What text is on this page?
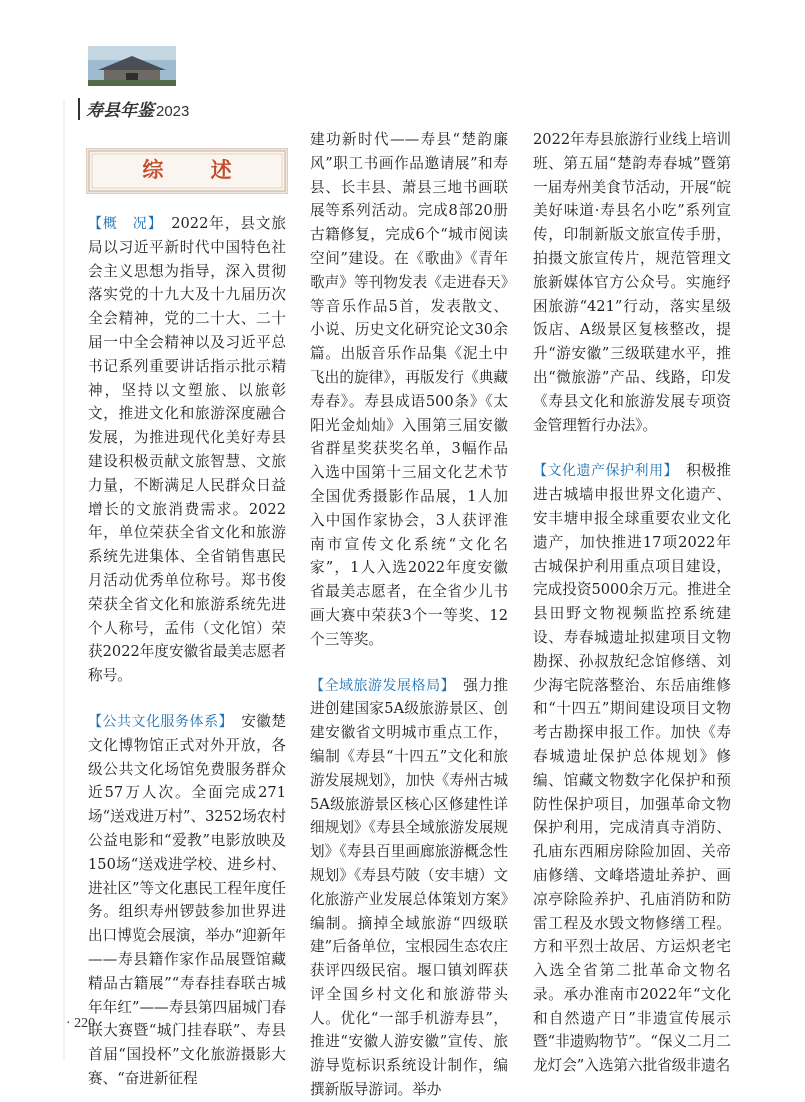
寿县年鉴 2023
综 述

【概　况】　2022年，县文旅局以习近平新时代中国特色社会主义思想为指导，深入贯彻落实党的十九大及十九届历次全会精神，党的二十大、二十届一中全会精神以及习近平总书记系列重要讲话指示批示精神，坚持以文塑旅、以旅彰文，推进文化和旅游深度融合发展，为推进现代化美好寿县建设积极贡献文旅智慧、文旅力量，不断满足人民群众日益增长的文旅消费需求。2022年，单位荣获全省文化和旅游系统先进集体、全省销售惠民月活动优秀单位称号。郑书俊荣获全省文化和旅游系统先进个人称号，孟伟（文化馆）荣获2022年度安徽省最美志愿者称号。

【公共文化服务体系】　安徽楚文化博物馆正式对外开放，各级公共文化场馆免费服务群众近57万人次。全面完成271场“送戏进万村”、3252场农村公益电影和“爱教”电影放映及150场“送戏进学校、进乡村、进社区”等文化惠民工程年度任务。组织寿州锣鼓参加世界进出口博览会展演，举办“迎新年——寿县籍作家作品展暨馆藏精品古籍展”“寿春挂春联古城年年红”——寿县第四届城门春联大赛暨“城门挂春联”、寿县首届“国投杯”文化旅游摄影大赛、“奋进新征程

建功新时代——寿县“楚韵廉风”职工书画作品邀请展”和寿县、长丰县、萧县三地书画联展等系列活动。完成8部20册古籍修复，完成6个“城市阅读空间”建设。在《歌曲》《青年歌声》等刊物发表《走进春天》等音乐作品5首，发表散文、小说、历史文化研究论文30余篇。出版音乐作品集《泥土中飞出的旋律》，再版发行《典藏寿春》。寿县成语500条》《太阳光金灿灿》入围第三届安徽省群星奖获奖名单，3幅作品入选中国第十三届文化艺术节全国优秀摄影作品展，1人加入中国作家协会，3人获评淮南市宣传文化系统“文化名家”，1人入选2022年度安徽省最美志愿者，在全省少儿书画大赛中荣获3个一等奖、12个三等奖。

【全域旅游发展格局】　强力推进创建国家5A级旅游景区、创建安徽省文明城市重点工作，编制《寿县“十四五”文化和旅游发展规划》，加快《寿州古城5A级旅游景区核心区修建性详细规划》《寿县全域旅游发展规划》《寿县百里画廊旅游概念性规划》《寿县芍陂（安丰塘）文化旅游产业发展总体策划方案》编制。摘掉全域旅游“四级联建”后备单位，宝根园生态农庄获评四级民宿。堰口镇刘晖获评全国乡村文化和旅游带头人。优化“一部手机游寿县”，推进“安徽人游安徽”宣传、旅游导览标识系统设计制作，编撰新版导游词。举办

2022年寿县旅游行业线上培训班、第五届“楚韵寿春城”暨第一届寿州美食节活动，开展“皖美好味道·寿县名小吃”系列宣传，印制新版文旅宣传手册，拍摄文旅宣传片，规范管理文旅新媒体官方公众号。实施纾困旅游“421”行动，落实星级饭店、A级景区复核整改，提升“游安徽”三级联建水平，推出“微旅游”产品、线路，印发《寿县文化和旅游发展专项资金管理暂行办法》。

【文化遗产保护利用】　积极推进古城墙申报世界文化遗产、安丰塘申报全球重要农业文化遗产，加快推进17项2022年古城保护利用重点项目建设，完成投资5000余万元。推进全县田野文物视频监控系统建设、寿春城遗址拟建项目文物勘探、孙叔敖纪念馆修缮、刘少海宅院落整治、东岳庙维修和“十四五”期间建设项目文物考古勘探申报工作。加快《寿春城遗址保护总体规划》修编、馆藏文物数字化保护和预防性保护项目，加强革命文物保护利用，完成清真寺消防、孔庙东西厢房除险加固、关帝庙修缮、文峰塔遗址养护、画凉亭除险养护、孔庙消防和防雷工程及水毁文物修缮工程。方和平烈士故居、方运炽老宅入选全省第二批革命文物名录。承办淮南市2022年“文化和自然遗产日”非遗宣传展示暨“非遗购物节”。“保义二月二龙灯会”入选第六批省级非遗名

· 220 ·
